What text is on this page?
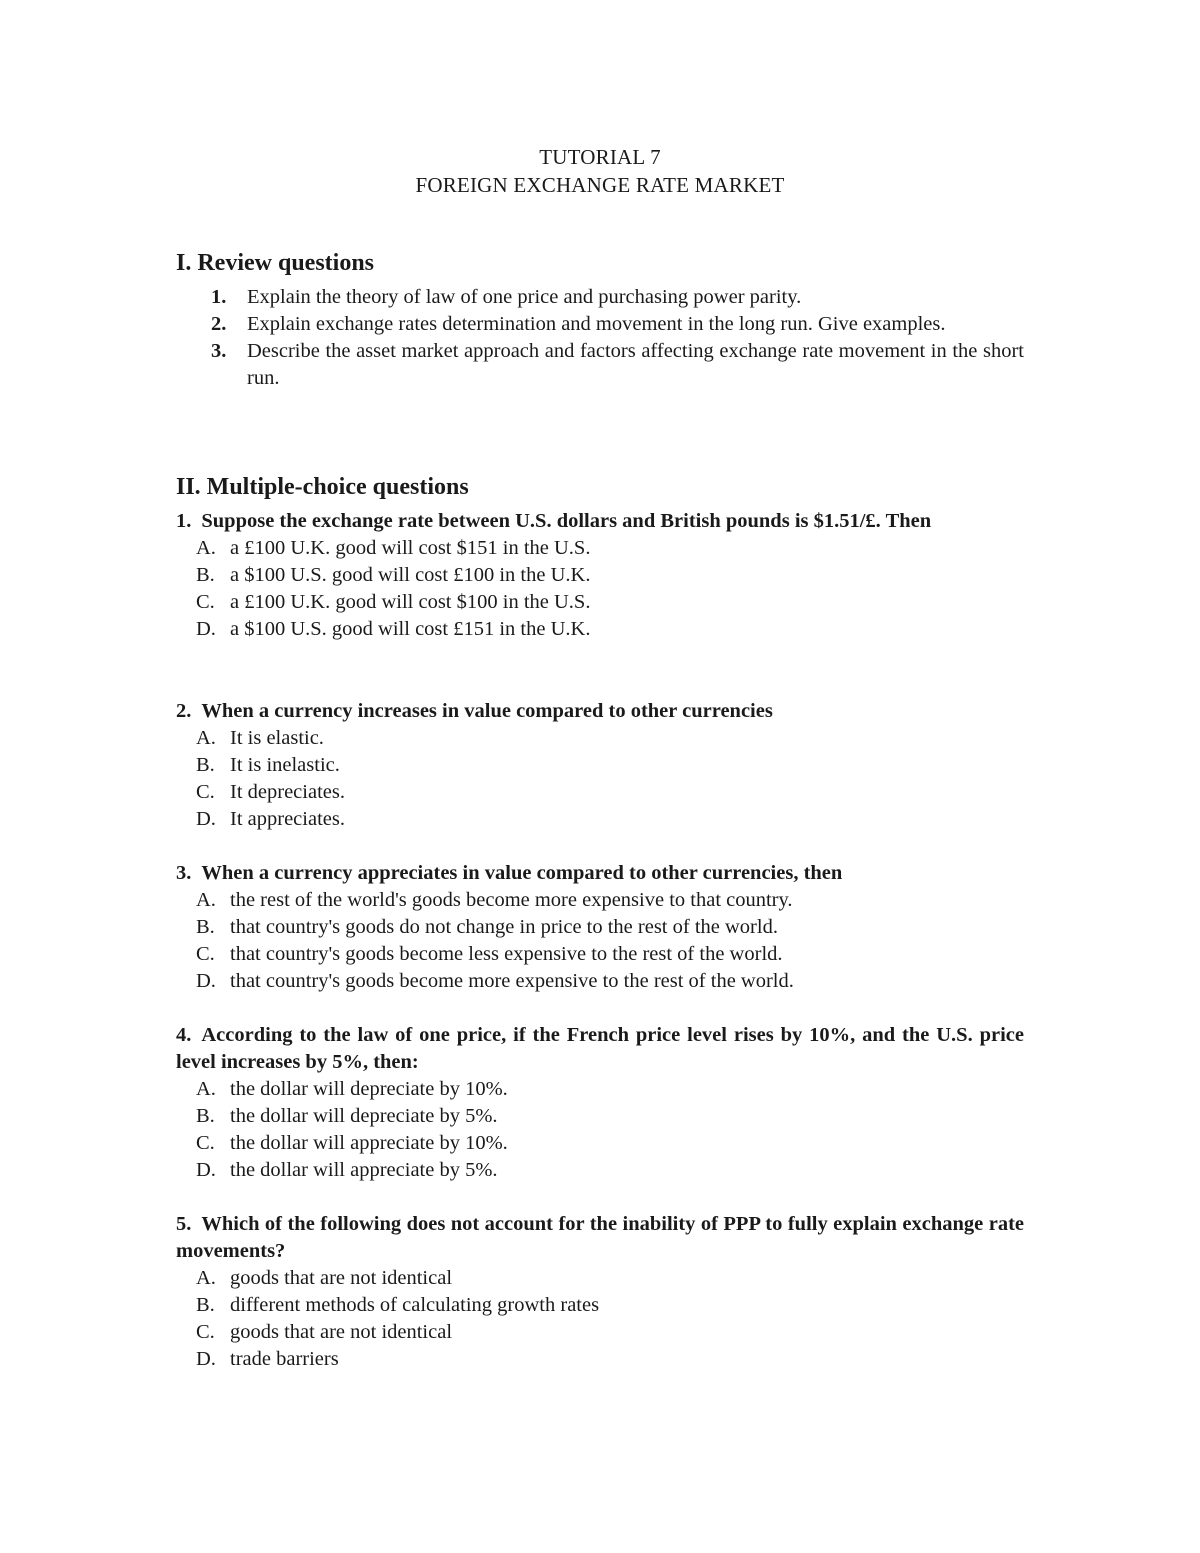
TUTORIAL 7
FOREIGN EXCHANGE RATE MARKET
I. Review questions
1. Explain the theory of law of one price and purchasing power parity.
2. Explain exchange rates determination and movement in the long run. Give examples.
3. Describe the asset market approach and factors affecting exchange rate movement in the short run.
II. Multiple-choice questions
1. Suppose the exchange rate between U.S. dollars and British pounds is $1.51/£. Then
A. a £100 U.K. good will cost $151 in the U.S.
B. a $100 U.S. good will cost £100 in the U.K.
C. a £100 U.K. good will cost $100 in the U.S.
D. a $100 U.S. good will cost £151 in the U.K.
2. When a currency increases in value compared to other currencies
A. It is elastic.
B. It is inelastic.
C. It depreciates.
D. It appreciates.
3. When a currency appreciates in value compared to other currencies, then
A. the rest of the world's goods become more expensive to that country.
B. that country's goods do not change in price to the rest of the world.
C. that country's goods become less expensive to the rest of the world.
D. that country's goods become more expensive to the rest of the world.
4. According to the law of one price, if the French price level rises by 10%, and the U.S. price level increases by 5%, then:
A. the dollar will depreciate by 10%.
B. the dollar will depreciate by 5%.
C. the dollar will appreciate by 10%.
D. the dollar will appreciate by 5%.
5. Which of the following does not account for the inability of PPP to fully explain exchange rate movements?
A. goods that are not identical
B. different methods of calculating growth rates
C. goods that are not identical
D. trade barriers
